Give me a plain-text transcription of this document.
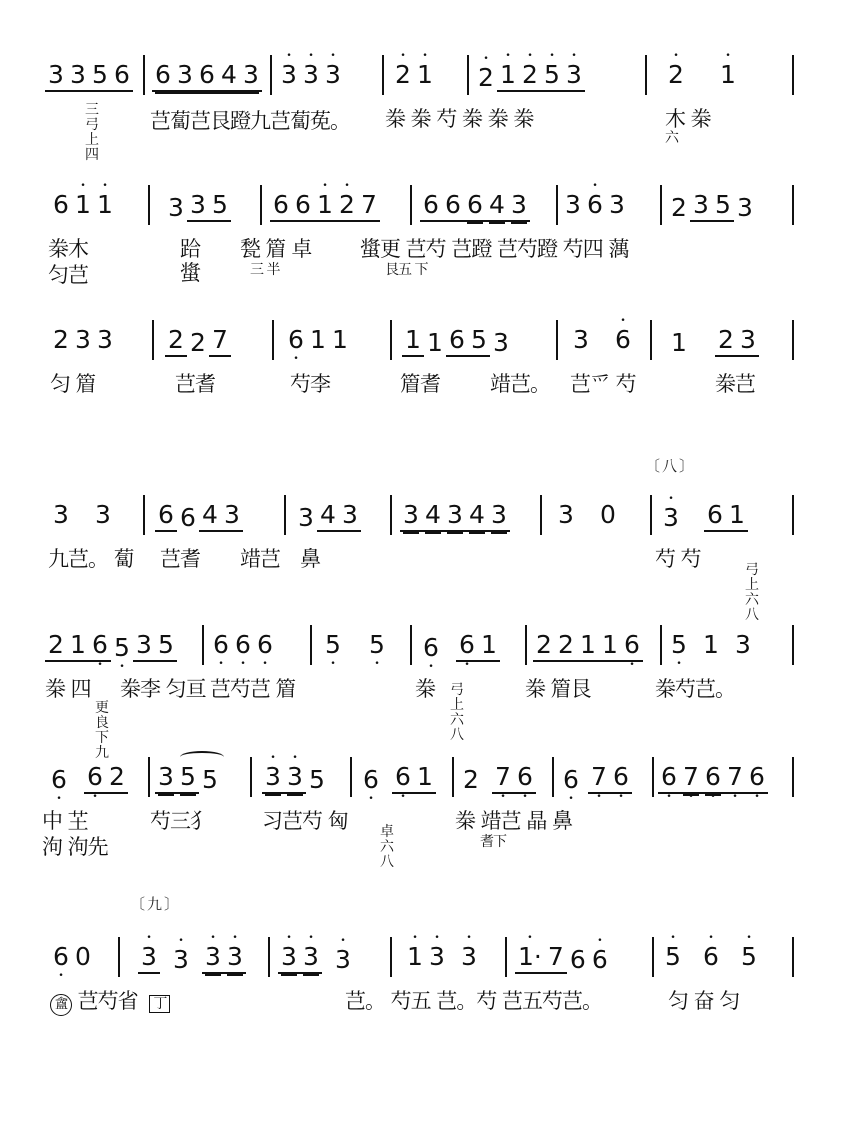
3 3 5 6 6 3 6 4 3 • 3 • 3 • 3 • 2 • 1 • 2 • 1 • 2 • 5 • 3	• 2 • 1
三弓上四
芑蔔芑艮蹬九芑蔔莬。 桊 桊 芍 桊 桊 桊	木 桊
六
6 • 1 • 1 3 3 5 6 6 • 1 • 2 7 6 6 6 4 3 3 • 6 3 2 3 5 3
桊木
匀芑
跲
螀
甃 篃 卓
三 半
螀更 芑芍 芑蹬 芑芍蹬 芍四 蕅
艮五 下
2 3 3 2 2 7 6 • 1 1 1 1 6 5 3	3 • 6 1 2 3
匀 篃	芑耆	芍李	篃耆 䇎芑。 芑爫 芍	桊芑
〔八〕
3 3 6 6 4 3 3 4 3 3 4 3 4 3 3 0 • 3 6 1
九芑。 蔔 芑耆 䇎芑 鼻	芍 芍	弓上六八
2 1 6 • 5 • 3 5 6 • 6 • 6 • 5 • 5 • 6 • 6 • 1 2 2 1 1 6 • 5 • 1 3
桊 四
更良下九
桊李 匀亘 芑芍芑 篃	桊 弓上六八
桊 篃艮	桊芍芑。
6 • 6 • 2 3 5 5 • 3 • 3 5 6 • 6 • 1 2 7 • 6 • 6 • 7 • 6 • 6 • 7 • 6 • 7 • 6 •
中 芏
泃 泃先
芍三犭 习芑芍 匈 卓六八
桊 䇎芑 晶 鼻
耆下
〔九〕
6 • 0 • 3 • 3 • 3 • 3 • 3 • 3 • 3 • 1 • 3 • 3 • 1· 7 6 • 6 • 5 • 6 • 5
盦 芑芍省 丁	芑。 芍五 芑。芍 芑五芍芑。	匀 奋 匀
